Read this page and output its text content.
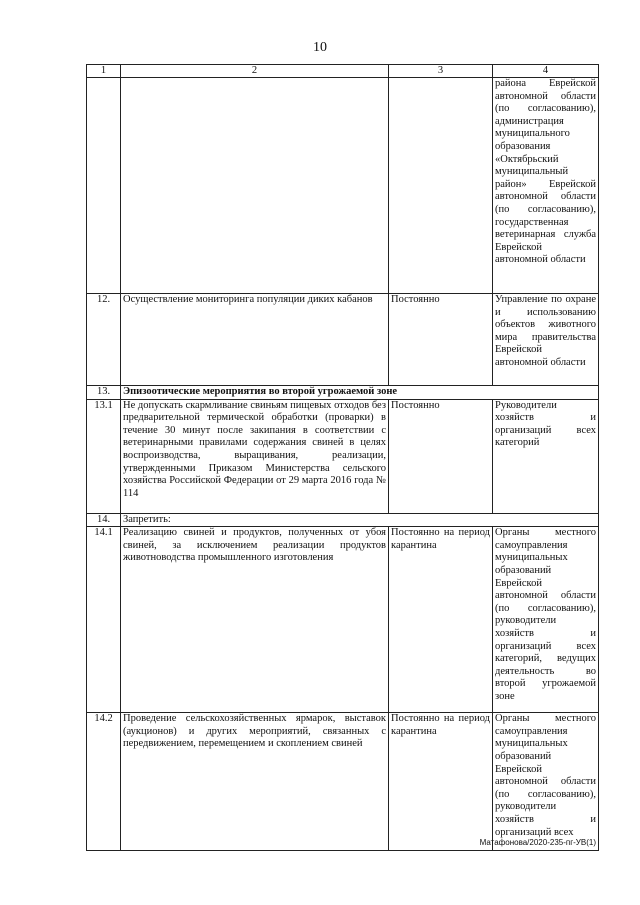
10
1	2	3	4
			района Еврейской автономной области (по согласованию), администрация муниципального образования «Октябрьский муниципальный район» Еврейской автономной области (по согласованию), государственная ветеринарная служба Еврейской автономной области
12.	Осуществление мониторинга популяции диких кабанов	Постоянно	Управление по охране и использованию объектов животного мира правительства Еврейской автономной области
13.	Эпизоотические мероприятия во второй угрожаемой зоне		
13.1	Не допускать скармливание свиньям пищевых отходов без предварительной термической обработки (проварки) в течение 30 минут после закипания в соответствии с ветеринарными правилами содержания свиней в целях воспроизводства, выращивания, реализации, утвержденными Приказом Министерства сельского хозяйства Российской Федерации от 29 марта 2016 года № 114	Постоянно	Руководители хозяйств и организаций всех категорий
14.	Запретить:		
14.1	Реализацию свиней и продуктов, полученных от убоя свиней, за исключением реализации продуктов животноводства промышленного изготовления	Постоянно на период карантина	Органы местного самоуправления муниципальных образований Еврейской автономной области (по согласованию), руководители хозяйств и организаций всех категорий, ведущих деятельность во второй угрожаемой зоне
14.2	Проведение сельскохозяйственных ярмарок, выставок (аукционов) и других мероприятий, связанных с передвижением, перемещением и скоплением свиней	Постоянно на период карантина	Органы местного самоуправления муниципальных образований Еврейской автономной области (по согласованию), руководители хозяйств и организаций всех
Матафонова/2020-235-пг-УВ(1)
